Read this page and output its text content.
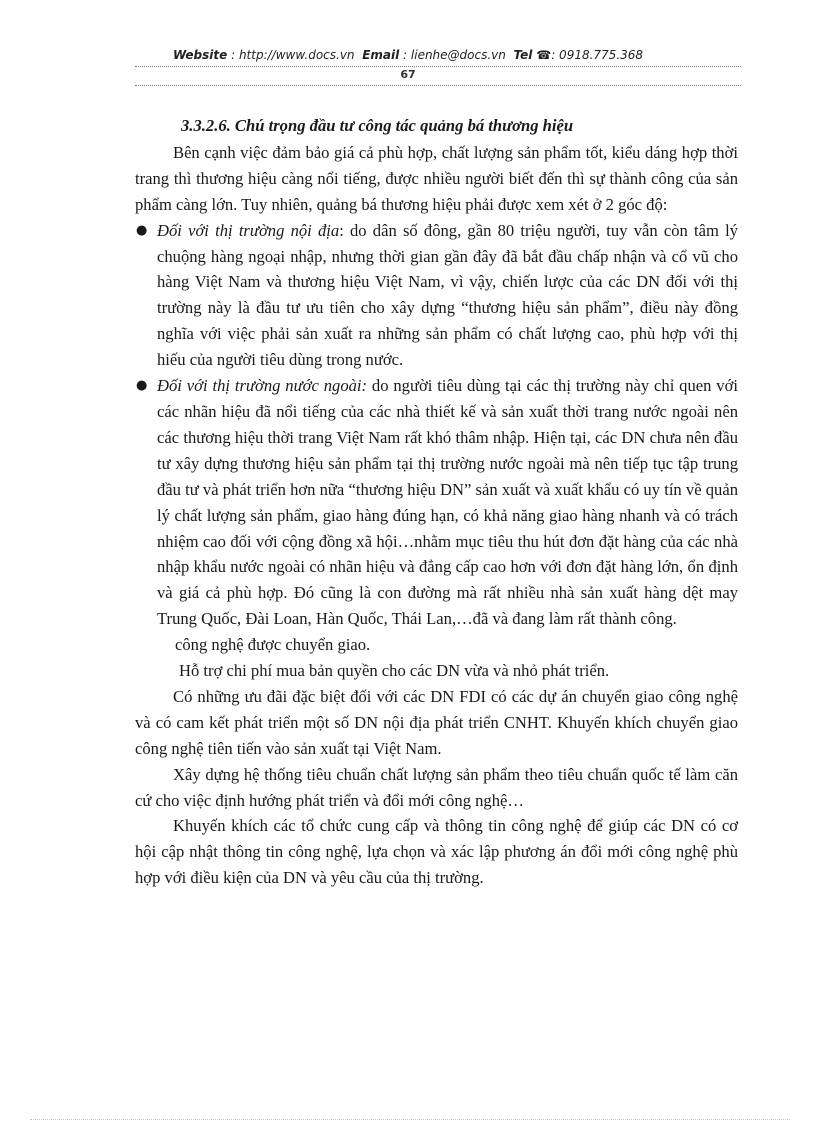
Website : http://www.docs.vn Email : lienhe@docs.vn Tel ☎: 0918.775.368
67
3.3.2.6. Chú trọng đầu tư công tác quảng bá thương hiệu

Bên cạnh việc đảm bảo giá cả phù hợp, chất lượng sản phẩm tốt, kiểu dáng hợp thời trang thì thương hiệu càng nổi tiếng, được nhiều người biết đến thì sự thành công của sản phẩm càng lớn. Tuy nhiên, quảng bá thương hiệu phải được xem xét ở 2 góc độ:

● Đối với thị trường nội địa: do dân số đông, gần 80 triệu người, tuy vẫn còn tâm lý chuộng hàng ngoại nhập, nhưng thời gian gần đây đã bắt đầu chấp nhận và cổ vũ cho hàng Việt Nam và thương hiệu Việt Nam, vì vậy, chiến lược của các DN đối với thị trường này là đầu tư ưu tiên cho xây dựng “thương hiệu sản phẩm”, điều này đồng nghĩa với việc phải sản xuất ra những sản phẩm có chất lượng cao, phù hợp với thị hiếu của người tiêu dùng trong nước.
● Đối với thị trường nước ngoài: do người tiêu dùng tại các thị trường này chỉ quen với các nhãn hiệu đã nổi tiếng của các nhà thiết kế và sản xuất thời trang nước ngoài nên các thương hiệu thời trang Việt Nam rất khó thâm nhập. Hiện tại, các DN chưa nên đầu tư xây dựng thương hiệu sản phẩm tại thị trường nước ngoài mà nên tiếp tục tập trung đầu tư và phát triển hơn nữa “thương hiệu DN” sản xuất và xuất khẩu có uy tín về quản lý chất lượng sản phẩm, giao hàng đúng hạn, có khả năng giao hàng nhanh và có trách nhiệm cao đối với cộng đồng xã hội…nhằm mục tiêu thu hút đơn đặt hàng của các nhà nhập khẩu nước ngoài có nhãn hiệu và đẳng cấp cao hơn với đơn đặt hàng lớn, ổn định và giá cả phù hợp. Đó cũng là con đường mà rất nhiều nhà sản xuất hàng dệt may Trung Quốc, Đài Loan, Hàn Quốc, Thái Lan,…đã và đang làm rất thành công.

công nghệ được chuyển giao.

Hỗ trợ chi phí mua bản quyền cho các DN vừa và nhỏ phát triển.

Có những ưu đãi đặc biệt đối với các DN FDI có các dự án chuyển giao công nghệ và có cam kết phát triển một số DN nội địa phát triển CNHT. Khuyến khích chuyển giao công nghệ tiên tiến vào sản xuất tại Việt Nam.

Xây dựng hệ thống tiêu chuẩn chất lượng sản phẩm theo tiêu chuẩn quốc tế làm căn cứ cho việc định hướng phát triển và đổi mới công nghệ…

Khuyến khích các tổ chức cung cấp và thông tin công nghệ để giúp các DN có cơ hội cập nhật thông tin công nghệ, lựa chọn và xác lập phương án đổi mới công nghệ phù hợp với điều kiện của DN và yêu cầu của thị trường.
